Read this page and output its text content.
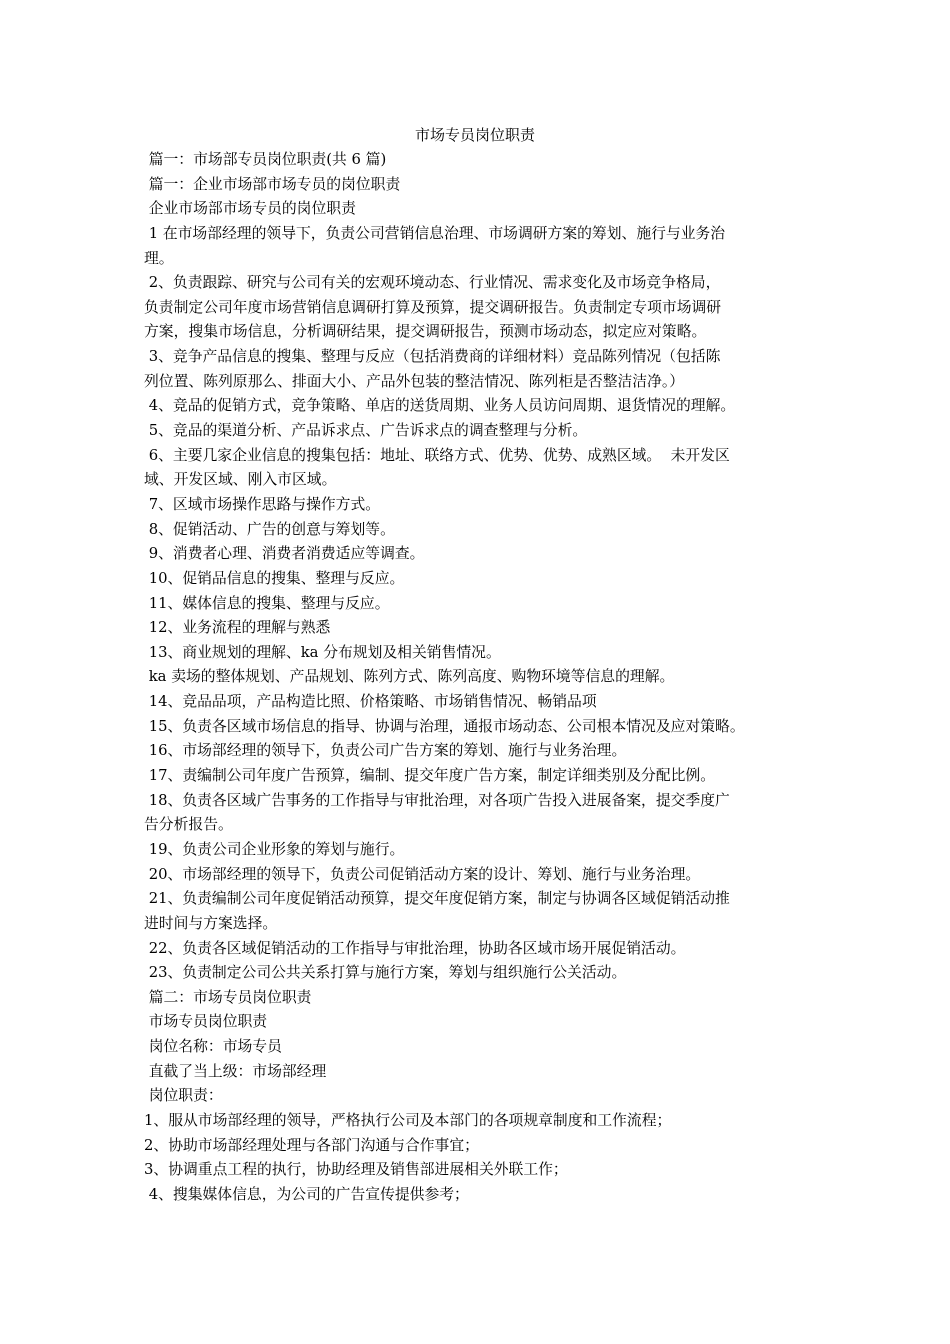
市场专员岗位职责
篇一：市场部专员岗位职责(共 6 篇)
篇一：企业市场部市场专员的岗位职责
企业市场部市场专员的岗位职责
1 在市场部经理的领导下，负责公司营销信息治理、市场调研方案的筹划、施行与业务治
理。
2、负责跟踪、研究与公司有关的宏观环境动态、行业情况、需求变化及市场竞争格局，
负责制定公司年度市场营销信息调研打算及预算，提交调研报告。负责制定专项市场调研
方案，搜集市场信息，分析调研结果，提交调研报告，预测市场动态，拟定应对策略。
3、竞争产品信息的搜集、整理与反应（包括消费商的详细材料）竞品陈列情况（包括陈
列位置、陈列原那么、排面大小、产品外包装的整洁情况、陈列柜是否整洁洁净。）
4、竞品的促销方式，竞争策略、单店的送货周期、业务人员访问周期、退货情况的理解。
5、竞品的渠道分析、产品诉求点、广告诉求点的调查整理与分析。
6、主要几家企业信息的搜集包括：地址、联络方式、优势、优势、成熟区域。  未开发区
域、开发区域、刚入市区域。
7、区域市场操作思路与操作方式。
8、促销活动、广告的创意与筹划等。
9、消费者心理、消费者消费适应等调查。
10、促销品信息的搜集、整理与反应。
11、媒体信息的搜集、整理与反应。
12、业务流程的理解与熟悉
13、商业规划的理解、ka 分布规划及相关销售情况。
ka 卖场的整体规划、产品规划、陈列方式、陈列高度、购物环境等信息的理解。
14、竞品品项，产品构造比照、价格策略、市场销售情况、畅销品项
15、负责各区域市场信息的指导、协调与治理，通报市场动态、公司根本情况及应对策略。
16、市场部经理的领导下，负责公司广告方案的筹划、施行与业务治理。
17、责编制公司年度广告预算，编制、提交年度广告方案，制定详细类别及分配比例。
18、负责各区域广告事务的工作指导与审批治理，对各项广告投入进展备案，提交季度广
告分析报告。
19、负责公司企业形象的筹划与施行。
20、市场部经理的领导下，负责公司促销活动方案的设计、筹划、施行与业务治理。
21、负责编制公司年度促销活动预算，提交年度促销方案，制定与协调各区域促销活动推
进时间与方案选择。
22、负责各区域促销活动的工作指导与审批治理，协助各区域市场开展促销活动。
23、负责制定公司公共关系打算与施行方案，筹划与组织施行公关活动。
篇二：市场专员岗位职责
市场专员岗位职责
岗位名称：市场专员
直截了当上级：市场部经理
岗位职责：
1、服从市场部经理的领导，严格执行公司及本部门的各项规章制度和工作流程；
2、协助市场部经理处理与各部门沟通与合作事宜；
3、协调重点工程的执行，协助经理及销售部进展相关外联工作；
4、搜集媒体信息，为公司的广告宣传提供参考；
